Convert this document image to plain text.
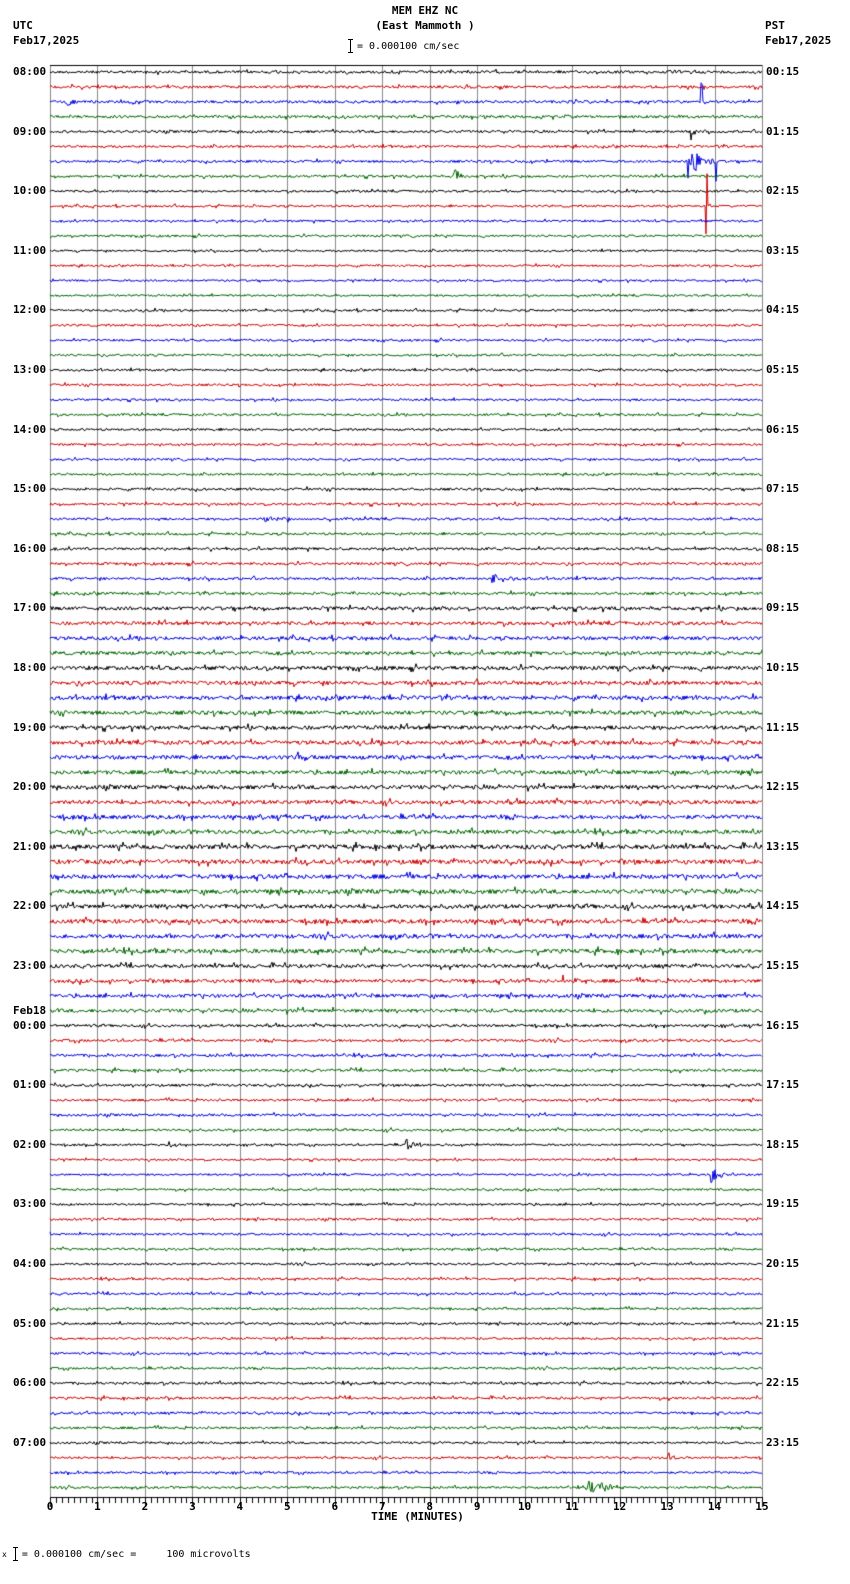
08:00
09:00
10:00
11:00
12:00
13:00
14:00
15:00
16:00
17:00
18:00
19:00
20:00
21:00
22:00
23:00
00:00
Feb18
01:00
02:00
03:00
04:00
05:00
06:00
07:00
00:15
01:15
02:15
03:15
04:15
05:15
06:15
07:15
08:15
09:15
10:15
11:15
12:15
13:15
14:15
15:15
16:15
17:15
18:15
19:15
20:15
21:15
22:15
23:15
0	1	2	3	4	5	6	7	8	9	10	11	12	13	14	15
TIME (MINUTES)
x = 0.000100 cm/sec =     100 microvolts
